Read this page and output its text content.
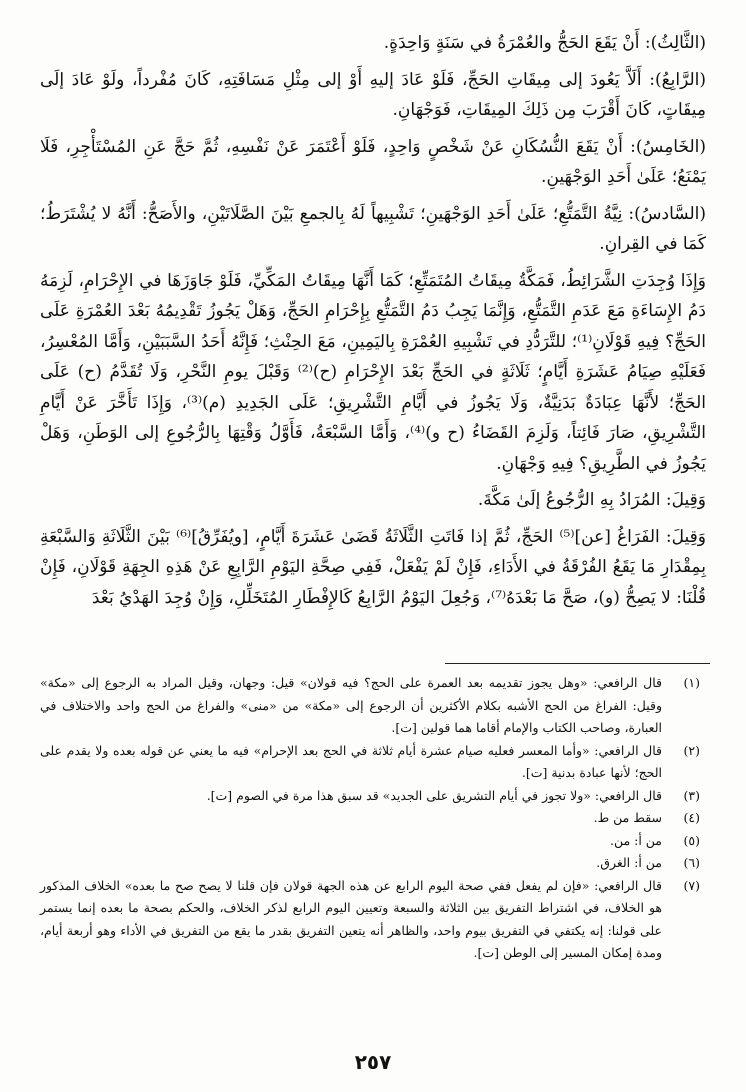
(الثَّالِثُ): أَنْ يَقَعَ الحَجُّ والعُمْرَةُ في سَنَةٍ وَاحِدَةٍ.

(الرَّابِعُ): أَلَاَّ يَعُودَ إلى مِيقَاتِ الحَجِّ، فَلَوْ عَادَ إليهِ أَوْ إلى مِثْلِ مَسَافَتِهِ، كَانَ مُفْرداً، ولَوْ عَادَ إلَى مِيقَاتٍ، كَانَ أَقْرَبَ مِن ذَلِكَ المِيقَاتِ، فَوَجْهَانِ.

(الخَامِسُ): أَنْ يَقَعَ النُّسُكَانِ عَنْ شَخْصٍ وَاحِدٍ، فَلَوْ أَعْتَمَرَ عَنْ نَفْسِهِ، ثُمَّ حَجَّ عَنِ المُسْتَأْجِرِ، فَلَا يَمْنَعُ؛ عَلَىٰ أَحَدِ الوَجْهَينِ.

(السَّادسُ): نِيَّةُ التَّمَتُّعِ؛ عَلَىٰ أَحَدِ الوَجْهَينِ؛ تَشْبِيهاً لَهُ بِالجمعِ بَيْنَ الصَّلَاتَيْنِ، والأَصَحُّ: أَنَّهُ لا يُشْتَرَطُ؛ كَمَا في القِرانِ.

وَإِذَا وُجِدَتِ الشَّرَائِطُ، فَمَكَّةُ مِيقَاتُ المُتَمَتِّعِ؛ كَمَا أَنَّهَا مِيقَاتُ المَكِّيِّ، فَلَوْ جَاوَزَهَا في الإِحْرَامِ، لَزِمَهُ دَمُ الإِسَاءَةِ مَعَ عَدَمِ التَّمَتُّعِ، وَإِنَّمَا يَجِبُ دَمُ التَّمَتُّعِ بِإِحْرَامِ الحَجِّ، وَهَلْ يَجُوزُ تَقْدِيمُهُ بَعْدَ العُمْرَةِ عَلَى الحَجِّ؟ فِيهِ قَوْلَانِ⁽¹⁾؛ للتَّرَدُّدِ في تَشْبِيهِ العُمْرَةِ بِاليَمِينِ، مَعَ الحِنْثِ؛ فَإِنَّهُ أَحَدُ السَّبَبَيْنِ، وَأَمَّا المُعْسِرُ، فَعَلَيْهِ صِيَامُ عَشَرَةِ أَيَّامٍ؛ ثَلَاثَةٍ في الحَجِّ بَعْدَ الإِحْرَامِ (ح)⁽²⁾ وَقَبْلَ يومِ النَّحْرِ، وَلَا تُقَدَّمُ (ح) عَلَى الحَجِّ؛ لأَنَّهَا عِبَادَةٌ بَدَنِيَّةٌ، وَلَا يَجُوزُ في أَيَّامِ التَّشْرِيقِ؛ عَلَى الجَدِيدِ (م)⁽³⁾، وَإِذَا تَأَخَّرَ عَنْ أَيَّامِ التَّشْرِيقِ، صَارَ فَائِتاً، وَلَزِمَ القَضَاءُ (ح و)⁽⁴⁾، وَأَمَّا السَّبْعَةُ، فَأَوَّلُ وَقْتِهَا بِالرُّجُوعِ إلى الوَطَنِ، وَهَلْ يَجُوزُ في الطَّرِيقِ؟ فِيهِ وَجْهَانِ.

وَقِيلَ: المُرَادُ بِهِ الرُّجُوعُ إلَىٰ مَكَّةَ.

وَقِيلَ: الفَرَاغُ [عن]⁽⁵⁾ الحَجِّ، ثُمَّ إذا فَاتَتِ الثَّلَاثَةُ قَضَىٰ عَشَرَةَ أَيَّامٍ، [ويُفَرِّقُ]⁽⁶⁾ بَيْنَ الثَّلَاثَةِ وَالسَّبْعَةِ بِمِقْدَارِ مَا يَقَعُ الفُرْقَةُ في الأَدَاءِ، فَإِنْ لَمْ يَفْعَلْ، فَفِي صِحَّةِ اليَوْمِ الرَّابِعِ عَنْ هَذِهِ الجِهَةِ قَوْلَانِ، فَإِنْ قُلْنَا: لا يَصِحُّ (و)، صَحَّ مَا بَعْدَهُ⁽⁷⁾، وَجُعِلَ اليَوْمُ الرَّابِعُ كَالإِفْطَارِ المُتَخَلِّلِ، وَإِنْ وُجِدَ الهَدْيُ بَعْدَ

(١)
قال الرافعي: «وهل يجوز تقديمه بعد العمرة على الحج؟ فيه قولان» قيل: وجهان، وقيل المراد به الرجوع إلى «مكة» وقيل: الفراغ من الحج الأشبه بكلام الأكثرين أن الرجوع إلى «مكة» من «منى» والفراغ من الحج واحد والاختلاف في العبارة، وصاحب الكتاب والإمام أقاما هما قولين [ت].
(٢)
قال الرافعي: «وأما المعسر فعليه صيام عشرة أيام ثلاثة في الحج بعد الإحرام» فيه ما يعني عن قوله بعده ولا يقدم على الحج؛ لأنها عبادة بدنية [ت].
(٣)
قال الرافعي: «ولا تجوز في أيام التشريق على الجديد» قد سبق هذا مرة في الصوم [ت].
(٤)
سقط من ط.
(٥)
من أ: من.
(٦)
من أ: الغرق.
(٧)
قال الرافعي: «فإن لم يفعل ففي صحة اليوم الرابع عن هذه الجهة قولان فإن قلنا لا يصح صح ما بعده» الخلاف المذكور هو الخلاف، في اشتراط التفريق بين الثلاثة والسبعة وتعيين اليوم الرابع لذكر الخلاف، والحكم بصحة ما بعده إنما يستمر على قولنا: إنه يكتفي في التفريق بيوم واحد، والظاهر أنه يتعين التفريق بقدر ما يقع من التفريق في الأداء وهو أربعة أيام، ومدة إمكان المسير إلى الوطن [ت].
٢٥٧
